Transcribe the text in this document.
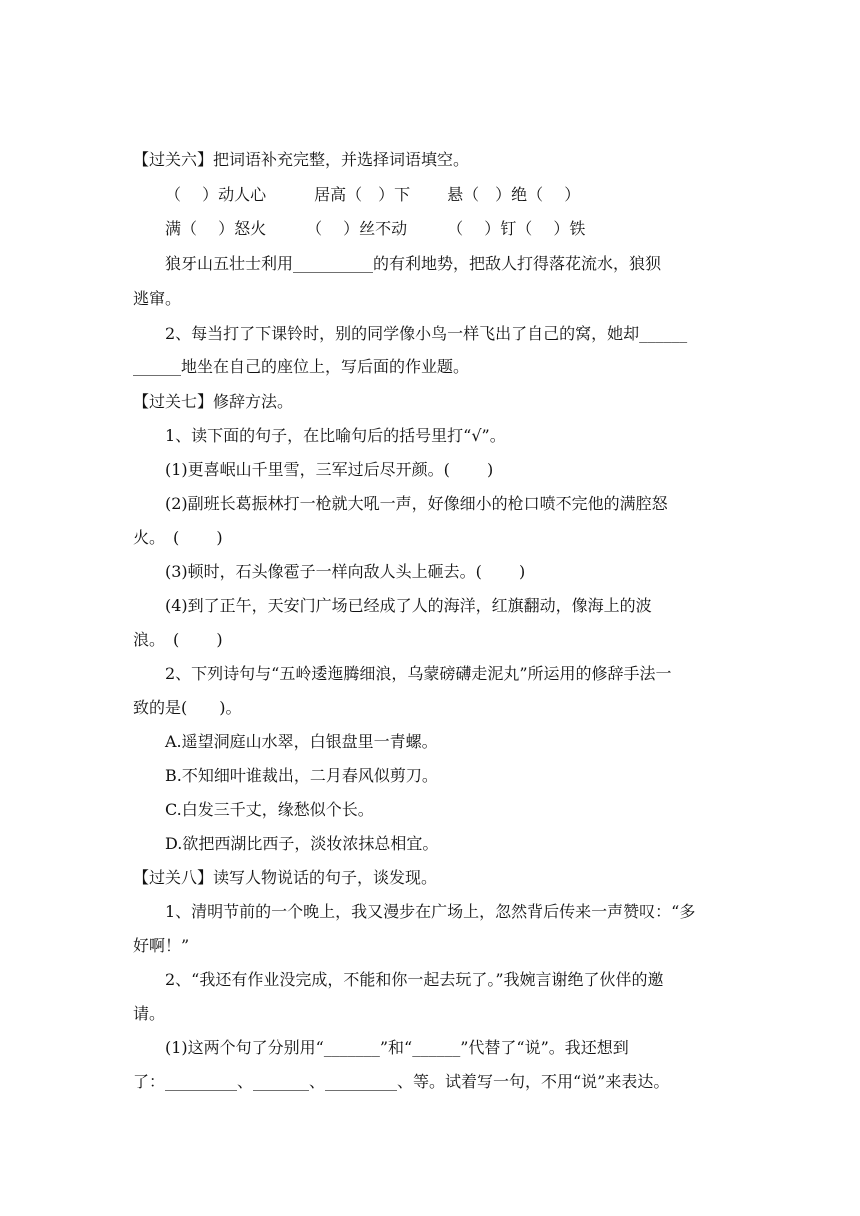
【过关六】把词语补充完整，并选择词语填空。
（　 ）动人心　　　居高（　）下　　 悬（　）绝（　 ）
满（　 ）怒火　　　（　 ）丝不动　　　（　 ）钉（　 ）铁
狼牙山五壮士利用__________的有利地势，把敌人打得落花流水，狼狈
逃窜。
2、每当打了下课铃时，别的同学像小鸟一样飞出了自己的窝，她却______
______地坐在自己的座位上，写后面的作业题。
【过关七】修辞方法。
1、读下面的句子，在比喻句后的括号里打“√”。
(1)更喜岷山千里雪，三军过后尽开颜。(　　 )
(2)副班长葛振林打一枪就大吼一声，好像细小的枪口喷不完他的满腔怒
火。　(　　 )
(3)顿时，石头像雹子一样向敌人头上砸去。(　　 )
(4)到了正午，天安门广场已经成了人的海洋，红旗翻动，像海上的波
浪。　(　　 )
2、下列诗句与“五岭逶迤腾细浪，乌蒙磅礴走泥丸”所运用的修辞手法一
致的是(　　)。
A.遥望洞庭山水翠，白银盘里一青螺。
B.不知细叶谁裁出，二月春风似剪刀。
C.白发三千丈，缘愁似个长。
D.欲把西湖比西子，淡妆浓抹总相宜。
【过关八】读写人物说话的句子，谈发现。
1、清明节前的一个晚上，我又漫步在广场上，忽然背后传来一声赞叹：“多
好啊！”
2、“我还有作业没完成，不能和你一起去玩了。”我婉言谢绝了伙伴的邀
请。
(1)这两个句了分别用“_______”和“______”代替了“说”。我还想到
了：_________、_______、_________、等。试着写一句，不用“说”来表达。
